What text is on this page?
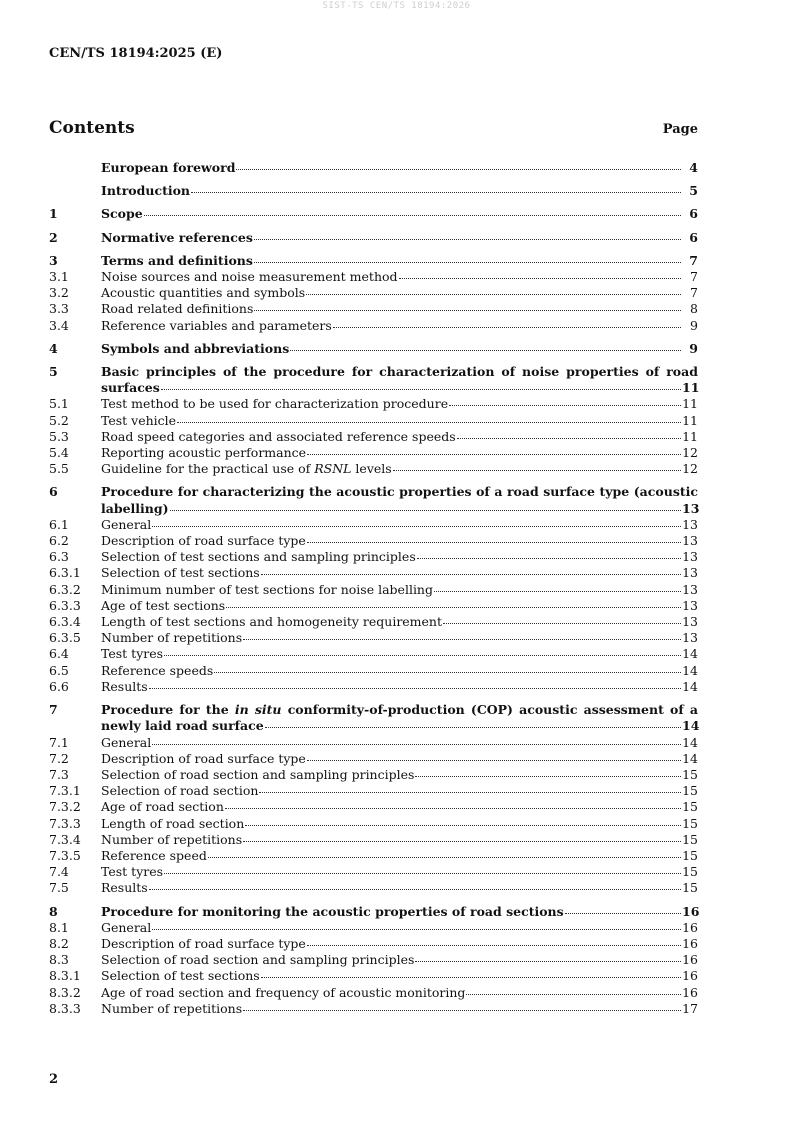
SIST-TS CEN/TS 18194:2026
CEN/TS 18194:2025 (E)
Contents	Page
European foreword	4
Introduction	5
1	Scope	6
2	Normative references	6
3	Terms and definitions	7
3.1	Noise sources and noise measurement method	7
3.2	Acoustic quantities and symbols	7
3.3	Road related definitions	8
3.4	Reference variables and parameters	9
4	Symbols and abbreviations	9
5	Basic principles of the procedure for characterization of noise properties of road
surfaces	11
5.1	Test method to be used for characterization procedure	11
5.2	Test vehicle	11
5.3	Road speed categories and associated reference speeds	11
5.4	Reporting acoustic performance	12
5.5	Guideline for the practical use of RSNL levels	12
6	Procedure for characterizing the acoustic properties of a road surface type (acoustic
labelling)	13
6.1	General	13
6.2	Description of road surface type	13
6.3	Selection of test sections and sampling principles	13
6.3.1	Selection of test sections	13
6.3.2	Minimum number of test sections for noise labelling	13
6.3.3	Age of test sections	13
6.3.4	Length of test sections and homogeneity requirement	13
6.3.5	Number of repetitions	13
6.4	Test tyres	14
6.5	Reference speeds	14
6.6	Results	14
7	Procedure for the in situ conformity-of-production (COP) acoustic assessment of a
newly laid road surface	14
7.1	General	14
7.2	Description of road surface type	14
7.3	Selection of road section and sampling principles	15
7.3.1	Selection of road section	15
7.3.2	Age of road section	15
7.3.3	Length of road section	15
7.3.4	Number of repetitions	15
7.3.5	Reference speed	15
7.4	Test tyres	15
7.5	Results	15
8	Procedure for monitoring the acoustic properties of road sections	16
8.1	General	16
8.2	Description of road surface type	16
8.3	Selection of road section and sampling principles	16
8.3.1	Selection of test sections	16
8.3.2	Age of road section and frequency of acoustic monitoring	16
8.3.3	Number of repetitions	17
2
